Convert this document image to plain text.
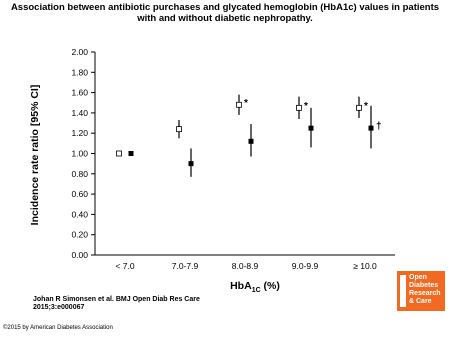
Association between antibiotic purchases and glycated hemoglobin (HbA1c) values in patients with and without diabetic nephropathy.
0.00
0.20
0.40
0.60
0.80
1.00
1.20
1.40
1.60
1.80
2.00
< 7.0	7.0-7.9	8.0-8.9	9.0-9.9	≥ 10.0
*	*	*
†
Incidence rate ratio [95% CI]
HbA$_{1C}$ (%)
Johan R Simonsen et al. BMJ Open Diab Res Care
2015;3:e000067
©2015 by American Diabetes Association
Open
Diabetes
Research
& Care
